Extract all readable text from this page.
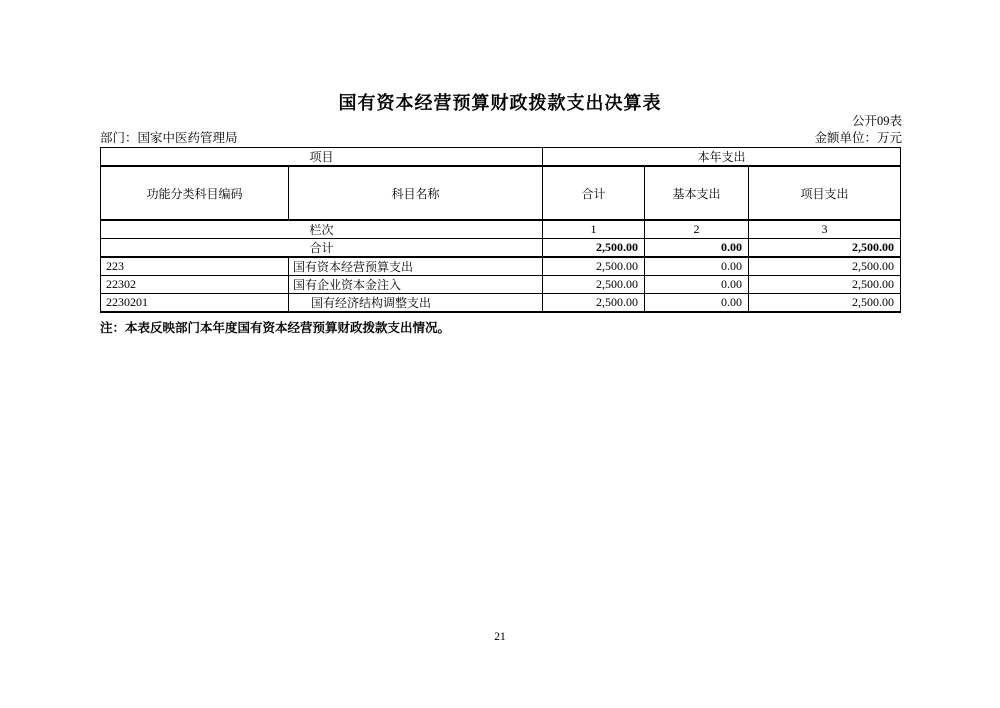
国有资本经营预算财政拨款支出决算表
公开09表
部门：国家中医药管理局	金额单位：万元
项目		本年支出		
功能分类科目编码	科目名称	合计	基本支出	项目支出
栏次		1	2	3
合计		2,500.00	0.00	2,500.00
223	国有资本经营预算支出	2,500.00	0.00	2,500.00
22302	国有企业资本金注入	2,500.00	0.00	2,500.00
2230201	国有经济结构调整支出	2,500.00	0.00	2,500.00
注：本表反映部门本年度国有资本经营预算财政拨款支出情况。
21
